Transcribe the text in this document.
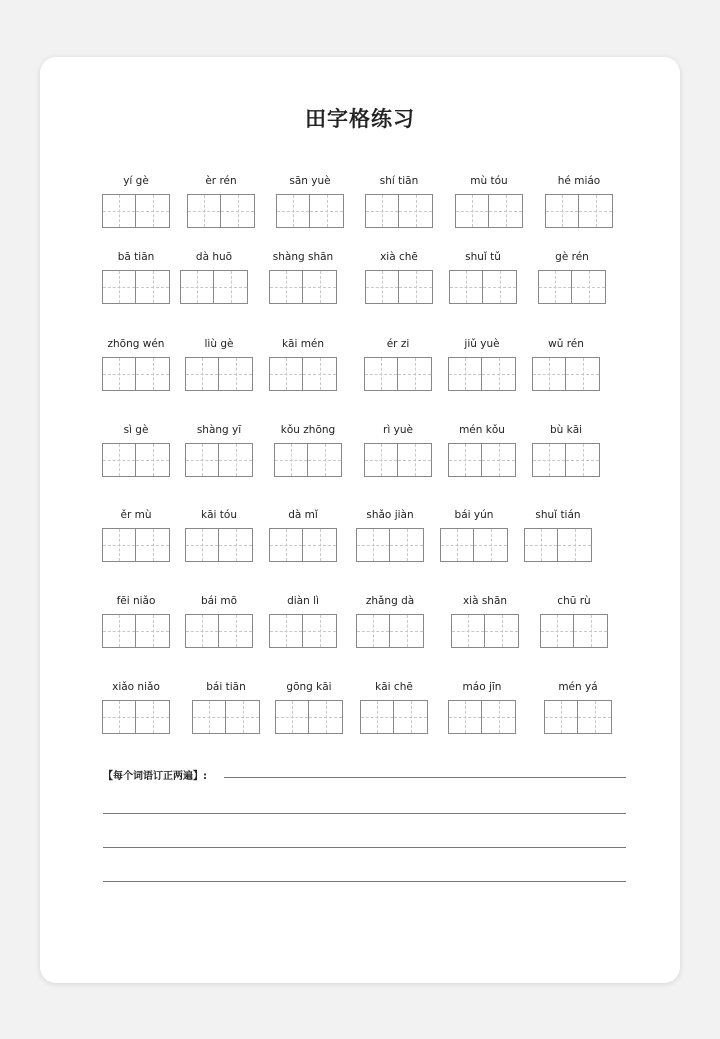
田字格练习
yí gè	èr rén	sān yuè	shí tiān	mù tóu	hé miáo
bā tiān	dà huō	shàng shān	xià chē	shuǐ tǔ	gè rén
zhōng wén	liù gè	kāi mén	ér zi	jiǔ yuè	wǔ rén
sì gè	shàng yī	kǒu zhōng	rì yuè	mén kǒu	bù kāi
ěr mù	kāi tóu	dà mǐ	shǎo jiàn	bái yún	shuǐ tián
fēi niǎo	bái mō	diàn lì	zhǎng dà	xià shān	chū rù
xiǎo niǎo	bái tiān	gōng kāi	kāi chē	máo jīn	mén yá
【每个词语订正两遍】:
